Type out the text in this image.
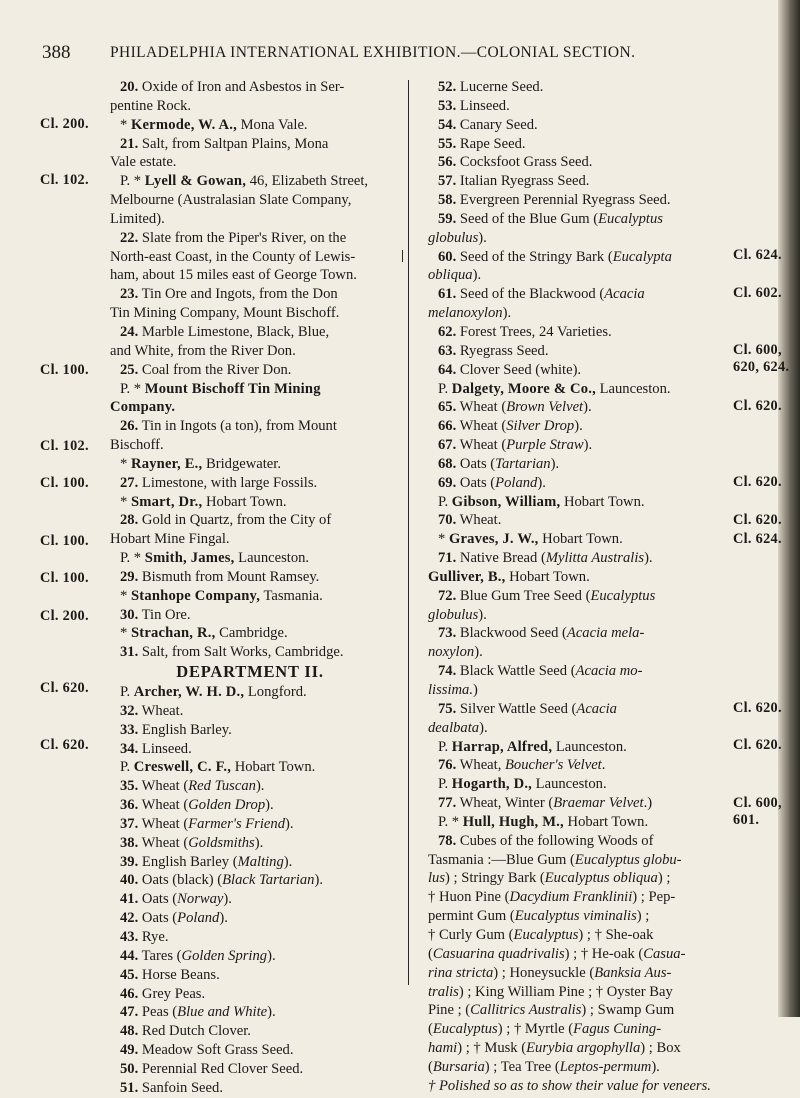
388	PHILADELPHIA INTERNATIONAL EXHIBITION.—COLONIAL SECTION.
Cl. 200.
Cl. 102.
Cl. 100.
Cl. 102.
Cl. 100.
Cl. 100.
Cl. 100.
Cl. 200.
Cl. 620.
Cl. 620.
Cl. 624.
Cl. 602.
Cl. 600,
620, 624.
Cl. 620.
Cl. 620.
Cl. 620.
Cl. 624.
Cl. 620.
Cl. 620.
Cl. 600,
601.
20. Oxide of Iron and Asbestos in Ser-
pentine Rock.
* Kermode, W. A., Mona Vale.
21. Salt, from Saltpan Plains, Mona
Vale estate.
P. * Lyell & Gowan, 46, Elizabeth Street,
Melbourne (Australasian Slate Company,
Limited).
22. Slate from the Piper's River, on the
North-east Coast, in the County of Lewis-
ham, about 15 miles east of George Town.
23. Tin Ore and Ingots, from the Don
Tin Mining Company, Mount Bischoff.
24. Marble Limestone, Black, Blue,
and White, from the River Don.
25. Coal from the River Don.
P. * Mount Bischoff Tin Mining
Company.
26. Tin in Ingots (a ton), from Mount
Bischoff.
* Rayner, E., Bridgewater.
27. Limestone, with large Fossils.
* Smart, Dr., Hobart Town.
28. Gold in Quartz, from the City of
Hobart Mine Fingal.
P. * Smith, James, Launceston.
29. Bismuth from Mount Ramsey.
* Stanhope Company, Tasmania.
30. Tin Ore.
* Strachan, R., Cambridge.
31. Salt, from Salt Works, Cambridge.
DEPARTMENT II.
P. Archer, W. H. D., Longford.
32. Wheat.
33. English Barley.
34. Linseed.
P. Creswell, C. F., Hobart Town.
35. Wheat (Red Tuscan).
36. Wheat (Golden Drop).
37. Wheat (Farmer's Friend).
38. Wheat (Goldsmiths).
39. English Barley (Malting).
40. Oats (black) (Black Tartarian).
41. Oats (Norway).
42. Oats (Poland).
43. Rye.
44. Tares (Golden Spring).
45. Horse Beans.
46. Grey Peas.
47. Peas (Blue and White).
48. Red Dutch Clover.
49. Meadow Soft Grass Seed.
50. Perennial Red Clover Seed.
51. Sanfoin Seed.
52. Lucerne Seed.
53. Linseed.
54. Canary Seed.
55. Rape Seed.
56. Cocksfoot Grass Seed.
57. Italian Ryegrass Seed.
58. Evergreen Perennial Ryegrass Seed.
59. Seed of the Blue Gum (Eucalyptus
globulus).
60. Seed of the Stringy Bark (Eucalypta
obliqua).
61. Seed of the Blackwood (Acacia
melanoxylon).
62. Forest Trees, 24 Varieties.
63. Ryegrass Seed.
64. Clover Seed (white).
P. Dalgety, Moore & Co., Launceston.
65. Wheat (Brown Velvet).
66. Wheat (Silver Drop).
67. Wheat (Purple Straw).
68. Oats (Tartarian).
69. Oats (Poland).
P. Gibson, William, Hobart Town.
70. Wheat.
* Graves, J. W., Hobart Town.
71. Native Bread (Mylitta Australis).
Gulliver, B., Hobart Town.
72. Blue Gum Tree Seed (Eucalyptus
globulus).
73. Blackwood Seed (Acacia mela-
noxylon).
74. Black Wattle Seed (Acacia mo-
lissima.)
75. Silver Wattle Seed (Acacia
dealbata).
P. Harrap, Alfred, Launceston.
76. Wheat, Boucher's Velvet.
P. Hogarth, D., Launceston.
77. Wheat, Winter (Braemar Velvet.)
P. * Hull, Hugh, M., Hobart Town.
78. Cubes of the following Woods of
Tasmania :—Blue Gum (Eucalyptus globu-
lus) ; Stringy Bark (Eucalyptus obliqua) ;
† Huon Pine (Dacydium Franklinii) ; Pep-
permint Gum (Eucalyptus viminalis) ;
† Curly Gum (Eucalyptus) ; † She-oak
(Casuarina quadrivalis) ; † He-oak (Casua-
rina stricta) ; Honeysuckle (Banksia Aus-
tralis) ; King William Pine ; † Oyster Bay
Pine ; (Callitrics Australis) ; Swamp Gum
(Eucalyptus) ; † Myrtle (Fagus Cuning-
hami) ; † Musk (Eurybia argophylla) ; Box
(Bursaria) ; Tea Tree (Leptos-permum).
† Polished so as to show their value for veneers.
